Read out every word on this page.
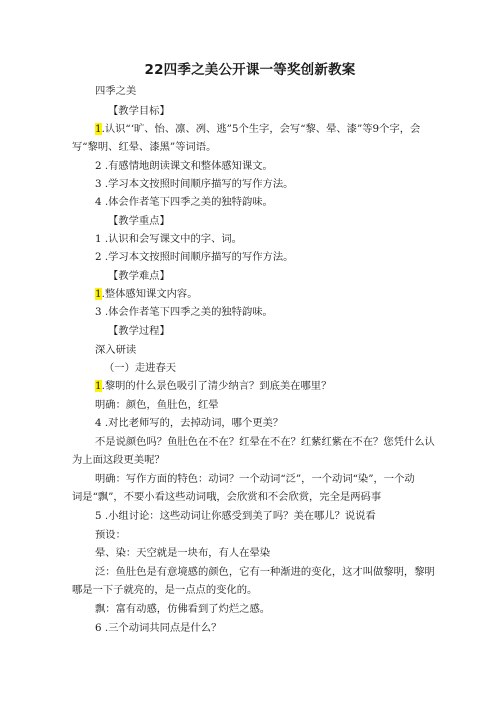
22四季之美公开课一等奖创新教案
四季之美
【教学目标】
1.认识“‘旷、怡、凛、冽、逃”5个生字，会写“黎、晕、漆”等9个字，会
写“黎明、红晕、漆黑”等词语。
2 .有感情地朗读课文和整体感知课文。
3 .学习本文按照时间顺序描写的写作方法。
4 .体会作者笔下四季之美的独特韵味。
【教学重点】
1 .认识和会写课文中的字、词。
2 .学习本文按照时间顺序描写的写作方法。
【教学难点】
1.整体感知课文内容。
3 .体会作者笔下四季之美的独特韵味。
【教学过程】
深入研读
（一）走进春天
1.黎明的什么景色吸引了清少纳言？到底美在哪里？
明确：颜色，鱼肚色，红晕
4 .对比老师写的，去掉动词，哪个更美？
不是说颜色吗？鱼肚色在不在？红晕在不在？红紫红紫在不在？您凭什么认
为上面这段更美呢？
明确：写作方面的特色：动词？一个动词“泛”，一个动词“染”，一个动
词是“飘”，不要小看这些动词哦，会欣赏和不会欣赏，完全是两码事
5 .小组讨论：这些动词让你感受到美了吗？美在哪儿？说说看
预设：
晕、染：天空就是一块布，有人在晕染
泛：鱼肚色是有意境感的颜色，它有一种渐进的变化，这才叫做黎明，黎明
哪是一下子就亮的，是一点点的变化的。
飘：富有动感，仿佛看到了灼烂之感。
6 .三个动词共同点是什么？
